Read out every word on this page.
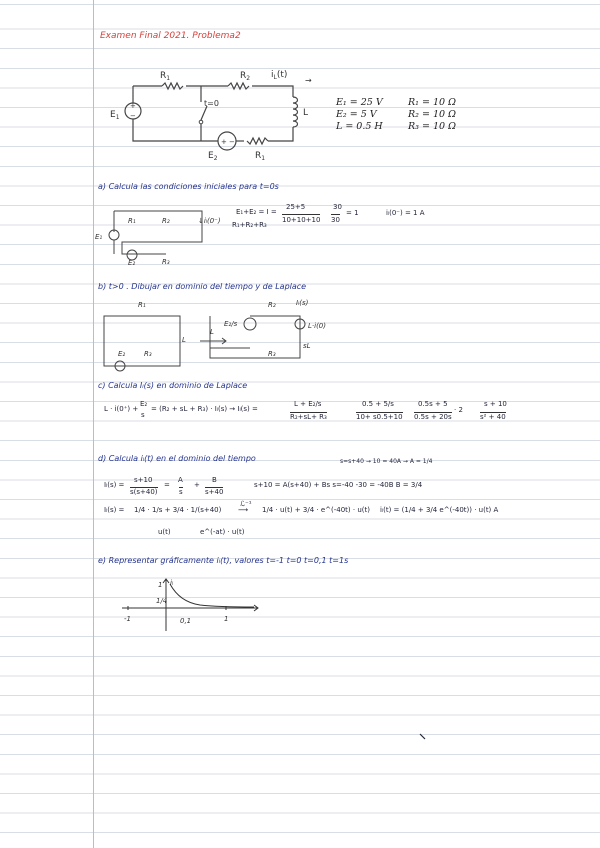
Examen Final 2021. Problema2
$R_1$	$R_2$ $i_L(t)$
t=0
$E_1$	L
$E_2$	$R_1$
+
−
+ −
→
E₁ = 25 V
E₂ = 5 V
L = 0.5 H
R₁ = 10 Ω
R₂ = 10 Ω
R₃ = 10 Ω
a) Calcula las condiciones iniciales para t=0s
E₁
R₁	R₂	↓iₗ(0⁻)
E₂	R₃
E₁+E₂ = I =
25+5
10+10+10
30
30
= 1
R₁+R₂+R₃
iₗ(0⁻) = 1 A
b) t>0 . Dibujar en dominio del tiempo y de Laplace
R₁
L
E₂	R₃
L
R₂	Iₗ(s)
L·i(0)
E₂/s
sL
R₃
c) Calcula Iₗ(s) en dominio de Laplace
L · i(0⁺) +
E₂
s
= (R₂ + sL + R₃) · Iₗ(s) → Iₗ(s) =
L + E₂/s
R₂+sL+ R₃
0.5 + 5/s
10+ s0.5+10
0.5s + 5
0.5s + 20s
· 2
s + 10
s² + 40
d) Calcula iₗ(t) en el dominio del tiempo	s=s+40 → 10 = 40A → A = 1/4
Iₗ(s) =
s+10
s(s+40)
=
A
s
+
B
s+40
s+10 = A(s+40) + Bs s=-40 -30 = -40B B = 3/4
Iₗ(s) = 1/4 · 1/s + 3/4 · 1/(s+40)
ℒ⁻¹
⟶ 1/4 · u(t) + 3/4 · e^(-40t) · u(t) iₗ(t) = (1/4 + 3/4 e^(-40t)) · u(t) A
u(t)	e^(-at) · u(t)
e) Representar gráficamente iₗ(t), valores t=-1 t=0 t=0,1 t=1s
iₗ
1
1/4
-1	0,1	1
